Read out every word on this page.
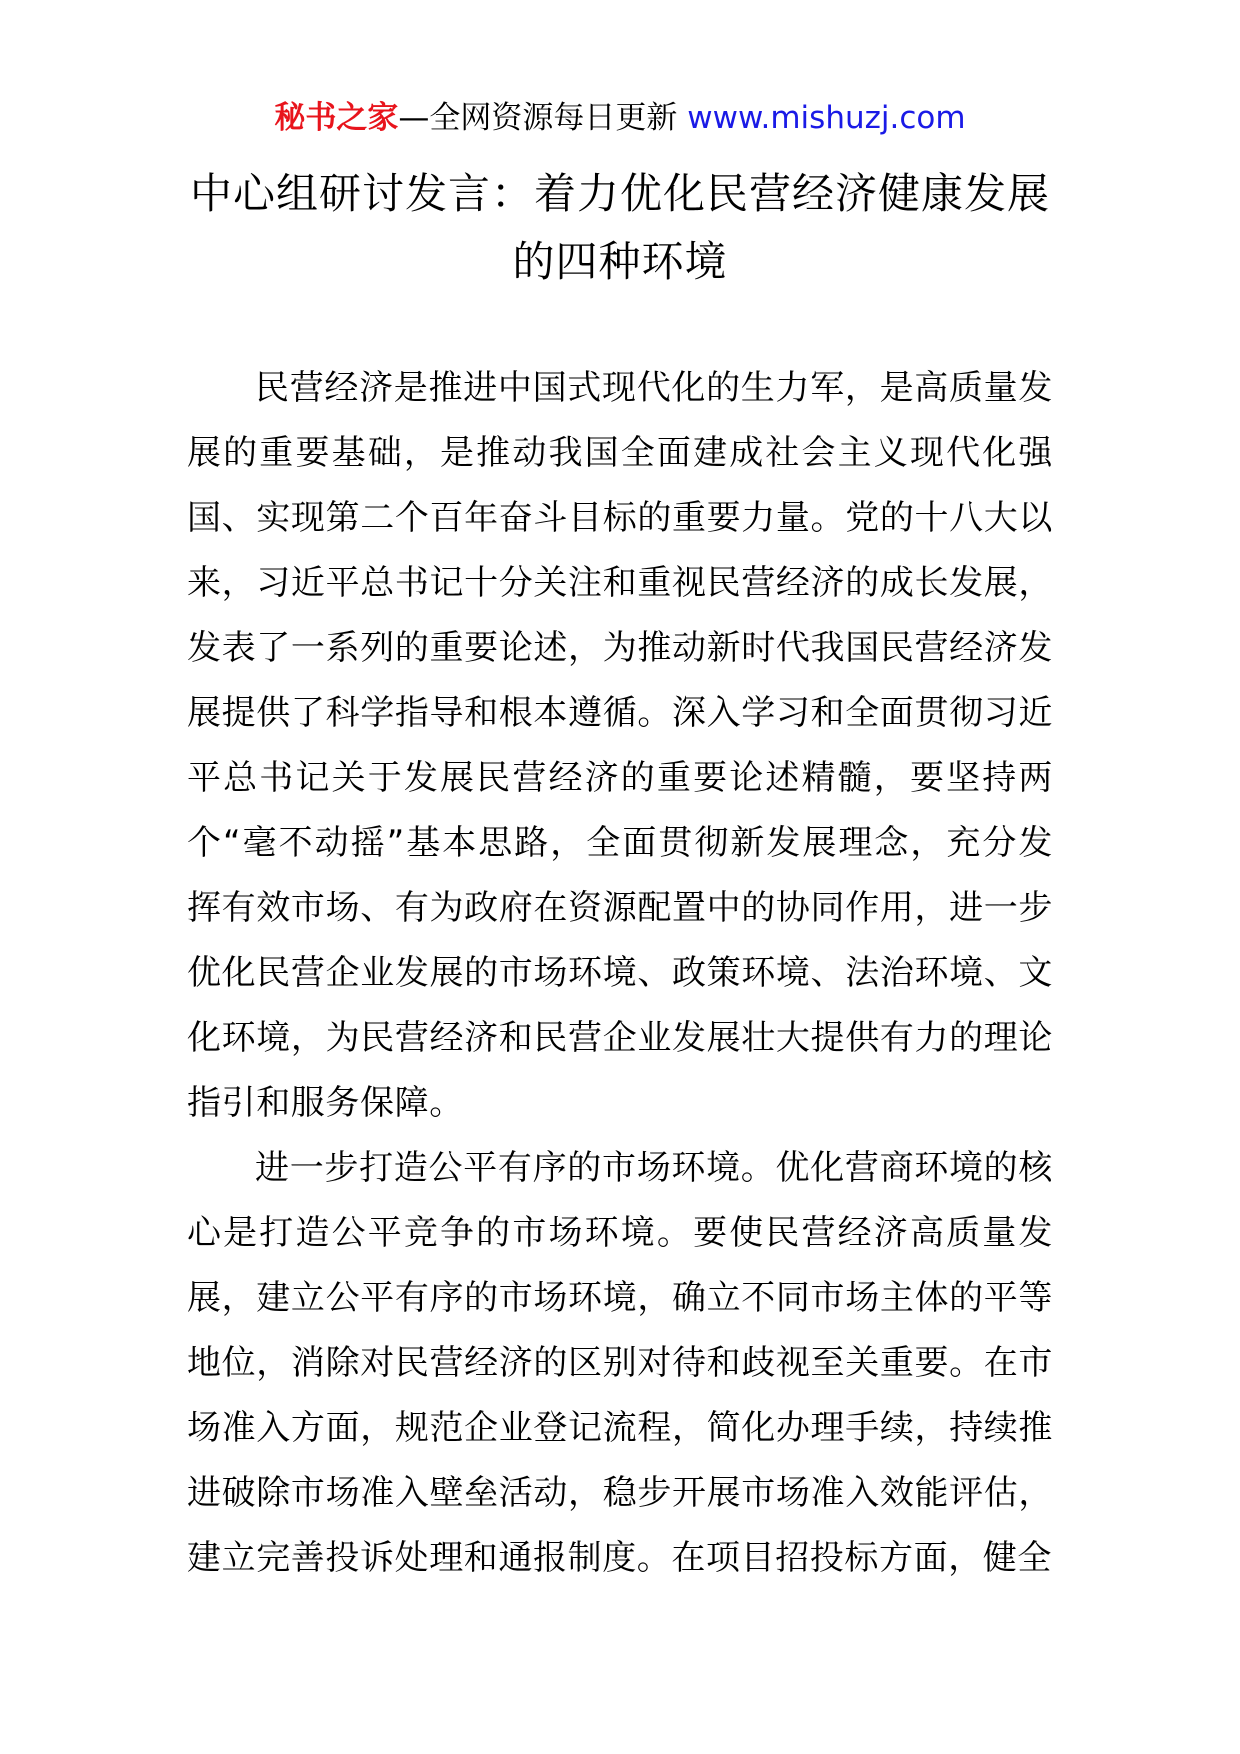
秘书之家—全网资源每日更新 www.mishuzj.com
中心组研讨发言：着力优化民营经济健康发展
的四种环境

民营经济是推进中国式现代化的生力军，是高质量发展的重要基础，是推动我国全面建成社会主义现代化强国、实现第二个百年奋斗目标的重要力量。党的十八大以来，习近平总书记十分关注和重视民营经济的成长发展，发表了一系列的重要论述，为推动新时代我国民营经济发展提供了科学指导和根本遵循。深入学习和全面贯彻习近平总书记关于发展民营经济的重要论述精髓，要坚持两个“毫不动摇”基本思路，全面贯彻新发展理念，充分发挥有效市场、有为政府在资源配置中的协同作用，进一步优化民营企业发展的市场环境、政策环境、法治环境、文化环境，为民营经济和民营企业发展壮大提供有力的理论指引和服务保障。

进一步打造公平有序的市场环境。优化营商环境的核心是打造公平竞争的市场环境。要使民营经济高质量发展，建立公平有序的市场环境，确立不同市场主体的平等地位，消除对民营经济的区别对待和歧视至关重要。在市场准入方面，规范企业登记流程，简化办理手续，持续推进破除市场准入壁垒活动，稳步开展市场准入效能评估，建立完善投诉处理和通报制度。在项目招投标方面，健全
